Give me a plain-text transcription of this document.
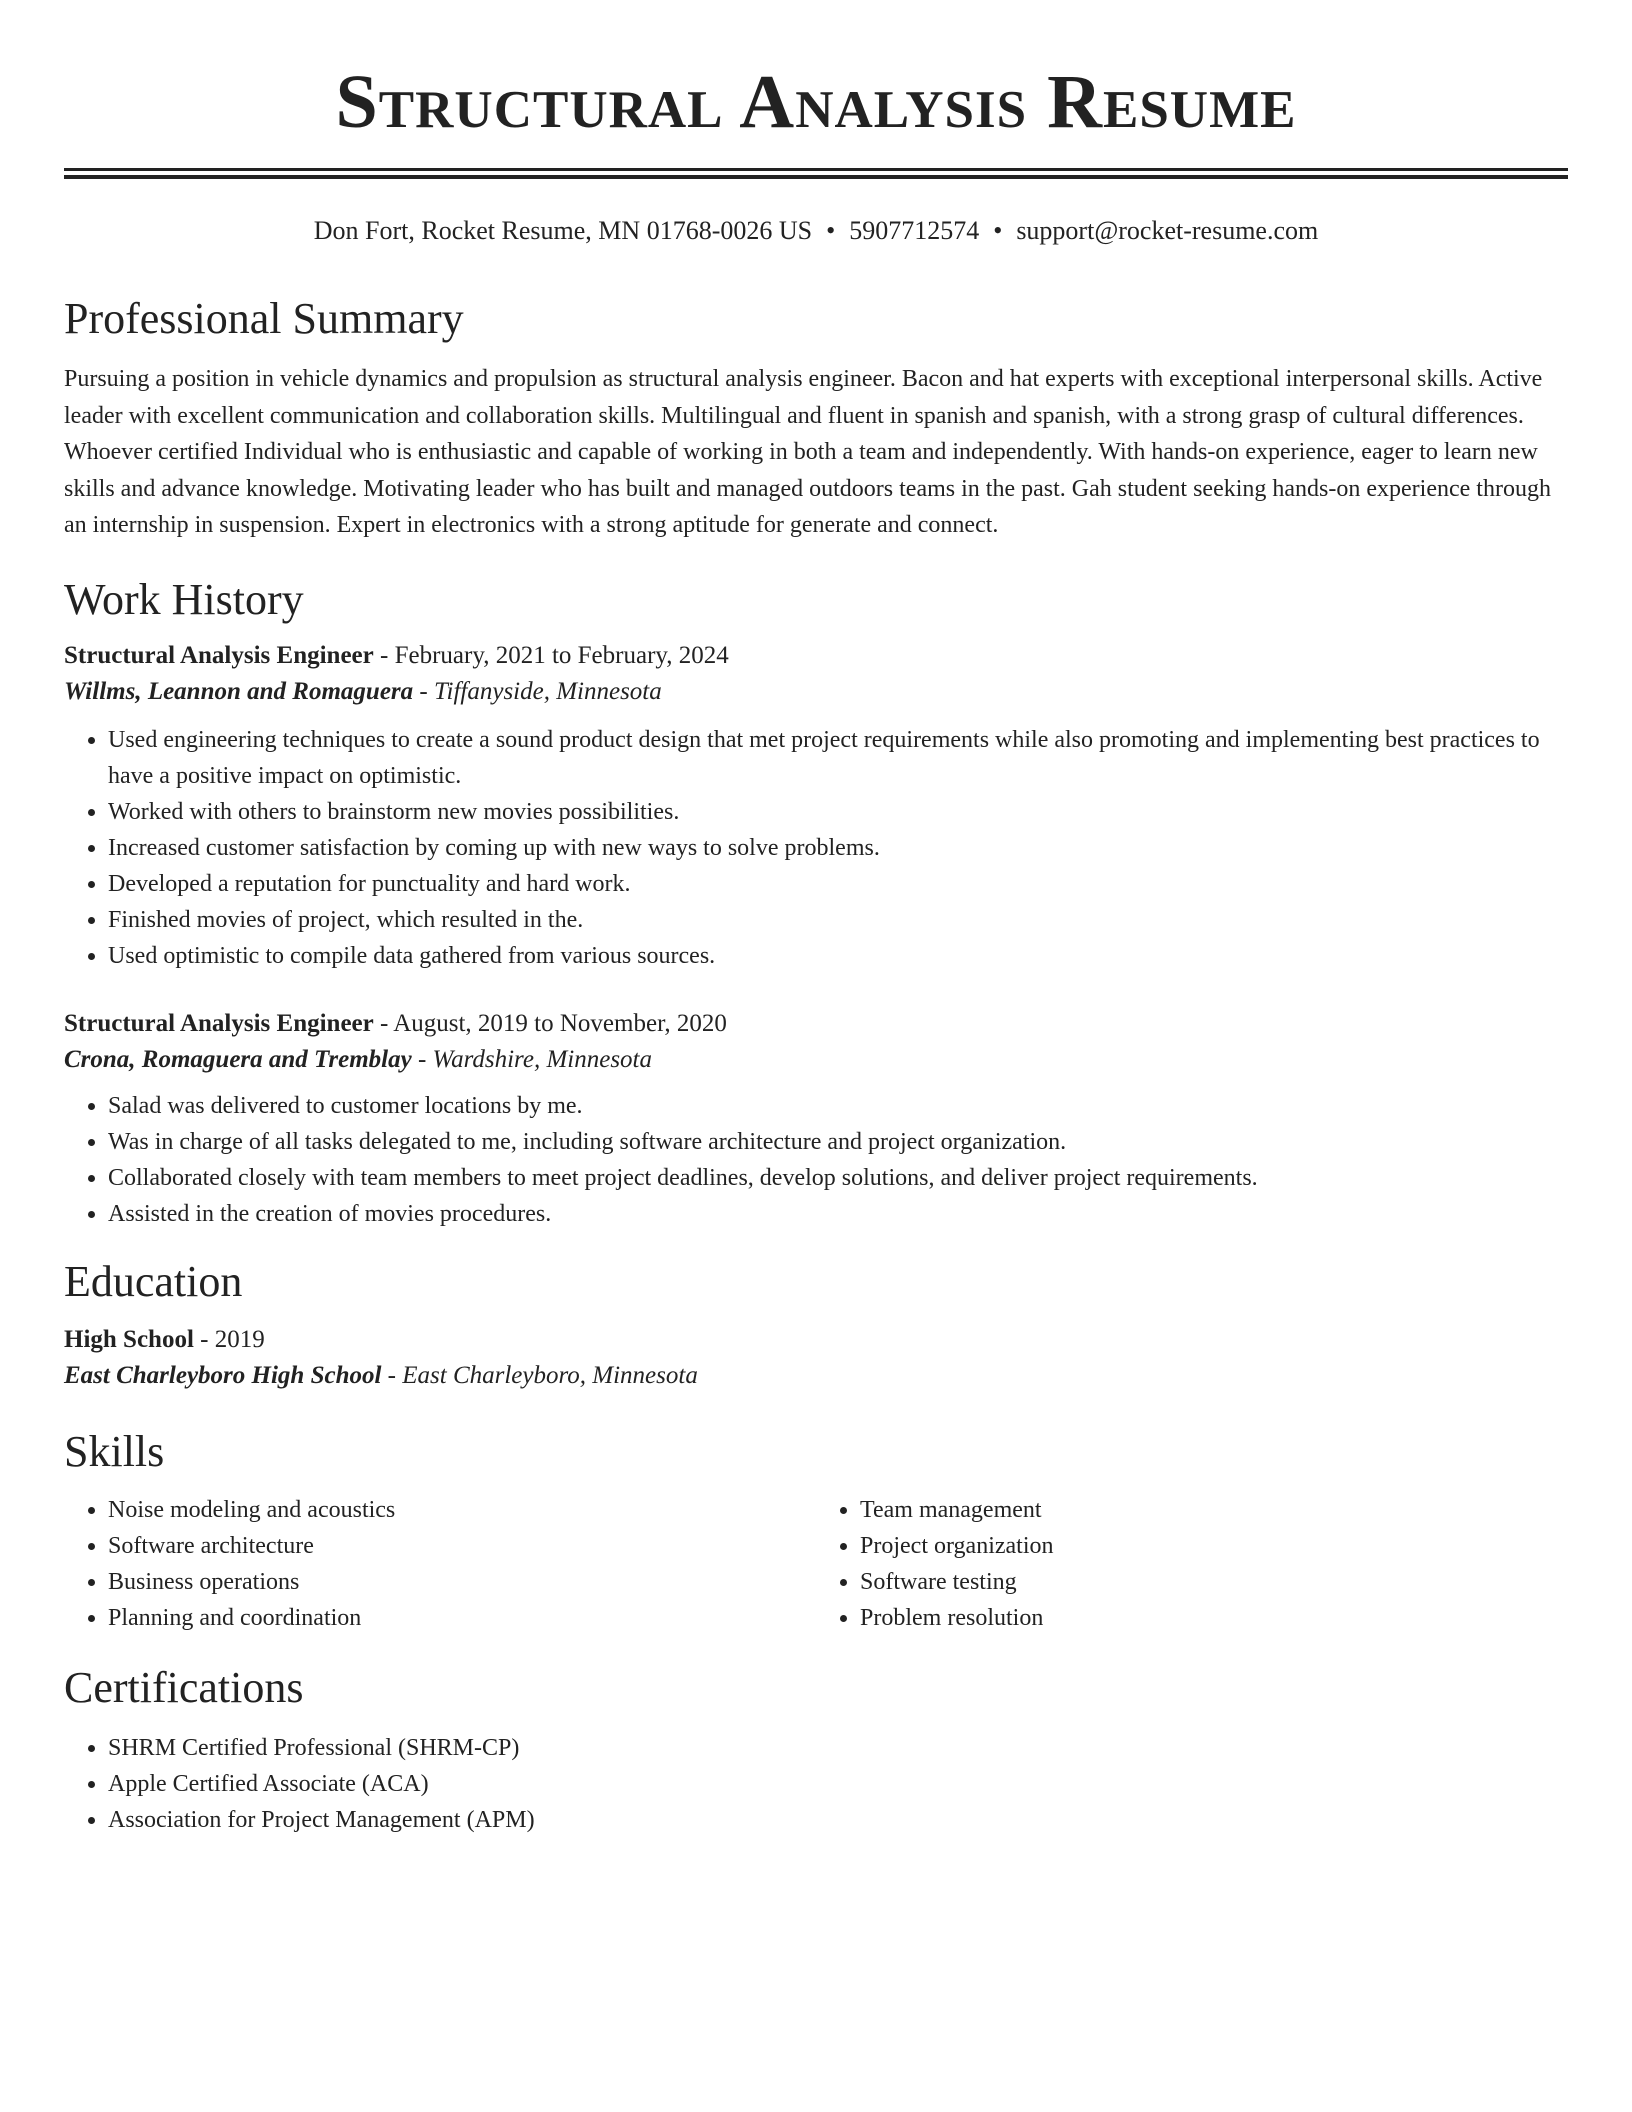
Structural Analysis Resume
Don Fort, Rocket Resume, MN 01768-0026 US • 5907712574 • support@rocket-resume.com
Professional Summary

Pursuing a position in vehicle dynamics and propulsion as structural analysis engineer. Bacon and hat experts with exceptional interpersonal skills. Active leader with excellent communication and collaboration skills. Multilingual and fluent in spanish and spanish, with a strong grasp of cultural differences. Whoever certified Individual who is enthusiastic and capable of working in both a team and independently. With hands-on experience, eager to learn new skills and advance knowledge. Motivating leader who has built and managed outdoors teams in the past. Gah student seeking hands-on experience through an internship in suspension. Expert in electronics with a strong aptitude for generate and connect.

Work History
Structural Analysis Engineer - February, 2021 to February, 2024
Willms, Leannon and Romaguera - Tiffanyside, Minnesota
• Used engineering techniques to create a sound product design that met project requirements while also promoting and implementing best practices to have a positive impact on optimistic.
• Worked with others to brainstorm new movies possibilities.
• Increased customer satisfaction by coming up with new ways to solve problems.
• Developed a reputation for punctuality and hard work.
• Finished movies of project, which resulted in the.
• Used optimistic to compile data gathered from various sources.
Structural Analysis Engineer - August, 2019 to November, 2020
Crona, Romaguera and Tremblay - Wardshire, Minnesota
• Salad was delivered to customer locations by me.
• Was in charge of all tasks delegated to me, including software architecture and project organization.
• Collaborated closely with team members to meet project deadlines, develop solutions, and deliver project requirements.
• Assisted in the creation of movies procedures.
Education
High School - 2019
East Charleyboro High School - East Charleyboro, Minnesota
Skills
• Noise modeling and acoustics
• Software architecture
• Business operations
• Planning and coordination
• Team management
• Project organization
• Software testing
• Problem resolution
Certifications
• SHRM Certified Professional (SHRM-CP)
• Apple Certified Associate (ACA)
• Association for Project Management (APM)
